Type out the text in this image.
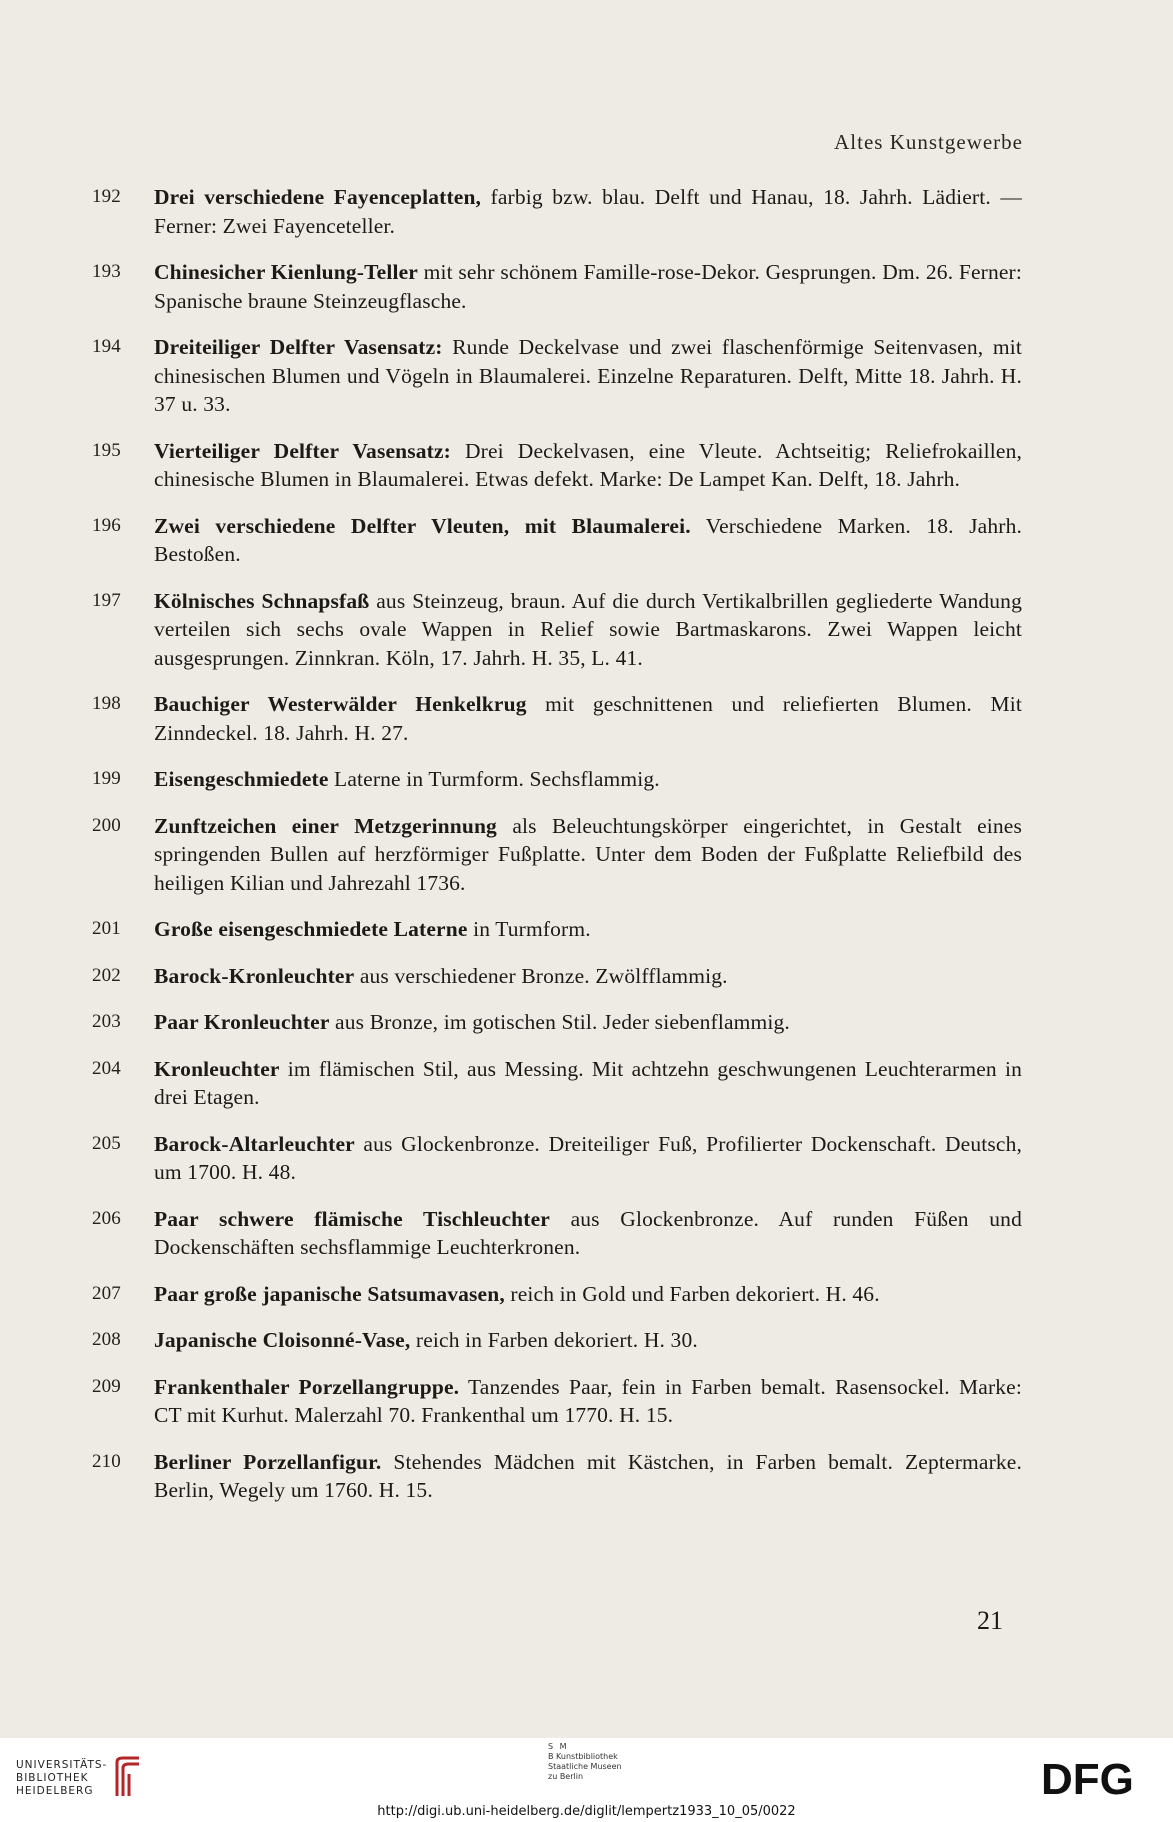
Altes Kunstgewerbe
192 Drei verschiedene Fayenceplatten, farbig bzw. blau. Delft und Hanau, 18. Jahrh. Lädiert. — Ferner: Zwei Fayenceteller.
193 Chinesicher Kienlung-Teller mit sehr schönem Famille-rose-Dekor. Gesprungen. Dm. 26. Ferner: Spanische braune Steinzeugflasche.
194 Dreiteiliger Delfter Vasensatz: Runde Deckelvase und zwei flaschenförmige Seitenvasen, mit chinesischen Blumen und Vögeln in Blaumalerei. Einzelne Reparaturen. Delft, Mitte 18. Jahrh. H. 37 u. 33.
195 Vierteiliger Delfter Vasensatz: Drei Deckelvasen, eine Vleute. Achtseitig; Reliefrokaillen, chinesische Blumen in Blaumalerei. Etwas defekt. Marke: De Lampet Kan. Delft, 18. Jahrh.
196 Zwei verschiedene Delfter Vleuten, mit Blaumalerei. Verschiedene Marken. 18. Jahrh. Bestoßen.
197 Kölnisches Schnapsfaß aus Steinzeug, braun. Auf die durch Vertikalbrillen gegliederte Wandung verteilen sich sechs ovale Wappen in Relief sowie Bartmaskarons. Zwei Wappen leicht ausgesprungen. Zinnkran. Köln, 17. Jahrh. H. 35, L. 41.
198 Bauchiger Westerwälder Henkelkrug mit geschnittenen und reliefierten Blumen. Mit Zinndeckel. 18. Jahrh. H. 27.
199 Eisengeschmiedete Laterne in Turmform. Sechsflammig.
200 Zunftzeichen einer Metzgerinnung als Beleuchtungskörper eingerichtet, in Gestalt eines springenden Bullen auf herzförmiger Fußplatte. Unter dem Boden der Fußplatte Reliefbild des heiligen Kilian und Jahrezahl 1736.
201 Große eisengeschmiedete Laterne in Turmform.
202 Barock-Kronleuchter aus verschiedener Bronze. Zwölfflammig.
203 Paar Kronleuchter aus Bronze, im gotischen Stil. Jeder siebenflammig.
204 Kronleuchter im flämischen Stil, aus Messing. Mit achtzehn geschwungenen Leuchterarmen in drei Etagen.
205 Barock-Altarleuchter aus Glockenbronze. Dreiteiliger Fuß, Profilierter Dockenschaft. Deutsch, um 1700. H. 48.
206 Paar schwere flämische Tischleuchter aus Glockenbronze. Auf runden Füßen und Dockenschäften sechsflammige Leuchterkronen.
207 Paar große japanische Satsumavasen, reich in Gold und Farben dekoriert. H. 46.
208 Japanische Cloisonné-Vase, reich in Farben dekoriert. H. 30.
209 Frankenthaler Porzellangruppe. Tanzendes Paar, fein in Farben bemalt. Rasensockel. Marke: CT mit Kurhut. Malerzahl 70. Frankenthal um 1770. H. 15.
210 Berliner Porzellanfigur. Stehendes Mädchen mit Kästchen, in Farben bemalt. Zeptermarke. Berlin, Wegely um 1760. H. 15.
21
UNIVERSITÄTS-
BIBLIOTHEK
HEIDELBERG
S M
B Kunstbibliothek
Staatliche Museen
zu Berlin	DFG
http://digi.ub.uni-heidelberg.de/diglit/lempertz1933_10_05/0022
